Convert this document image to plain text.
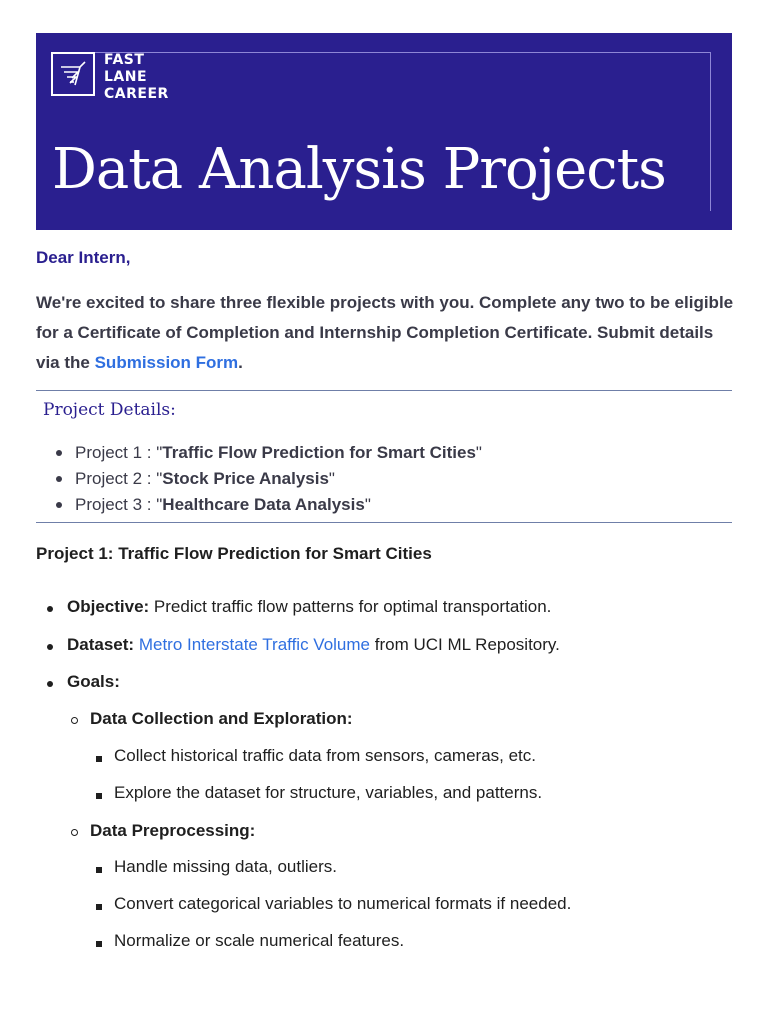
FAST
LANE
CAREER
Data Analysis Projects
Dear Intern,
We're excited to share three flexible projects with you. Complete any two to be eligible for a Certificate of Completion and Internship Completion Certificate. Submit details via the Submission Form.
Project Details:
Project 1 : "Traffic Flow Prediction for Smart Cities"
Project 2 : "Stock Price Analysis"
Project 3 : "Healthcare Data Analysis"
Project 1: Traffic Flow Prediction for Smart Cities
Objective: Predict traffic flow patterns for optimal transportation.
Dataset: Metro Interstate Traffic Volume from UCI ML Repository.
Goals:
Data Collection and Exploration:
Collect historical traffic data from sensors, cameras, etc.
Explore the dataset for structure, variables, and patterns.
Data Preprocessing:
Handle missing data, outliers.
Convert categorical variables to numerical formats if needed.
Normalize or scale numerical features.
